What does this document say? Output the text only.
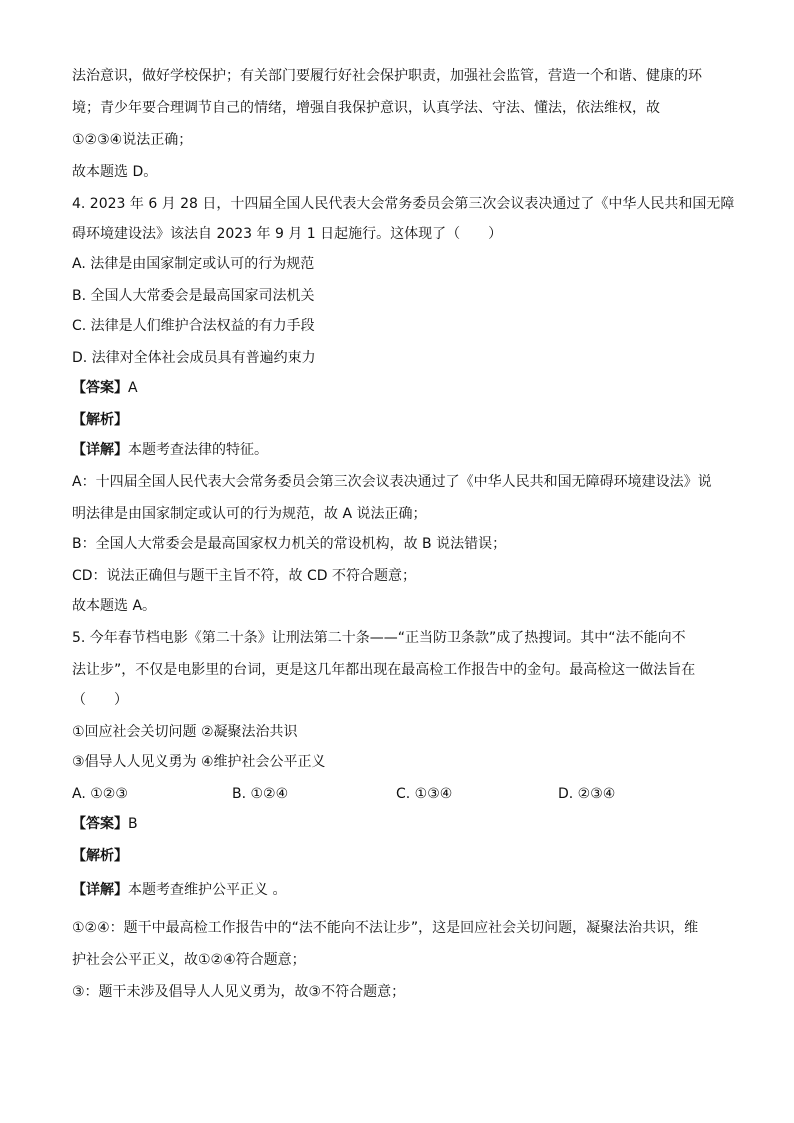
法治意识，做好学校保护；有关部门要履行好社会保护职责，加强社会监管，营造一个和谐、健康的环
境；青少年要合理调节自己的情绪，增强自我保护意识，认真学法、守法、懂法，依法维权，故
①②③④说法正确；
故本题选 D。
4. 2023 年 6 月 28 日，十四届全国人民代表大会常务委员会第三次会议表决通过了《中华人民共和国无障
碍环境建设法》该法自 2023 年 9 月 1 日起施行。这体现了（　　）
A. 法律是由国家制定或认可的行为规范
B. 全国人大常委会是最高国家司法机关
C. 法律是人们维护合法权益的有力手段
D. 法律对全体社会成员具有普遍约束力
【答案】A
【解析】
【详解】本题考查法律的特征。
A：十四届全国人民代表大会常务委员会第三次会议表决通过了《中华人民共和国无障碍环境建设法》说
明法律是由国家制定或认可的行为规范，故 A 说法正确；
B：全国人大常委会是最高国家权力机关的常设机构，故 B 说法错误；
CD：说法正确但与题干主旨不符，故 CD 不符合题意；
故本题选 A。
5. 今年春节档电影《第二十条》让刑法第二十条——“正当防卫条款”成了热搜词。其中“法不能向不
法让步”，不仅是电影里的台词，更是这几年都出现在最高检工作报告中的金句。最高检这一做法旨在
（　　）
①回应社会关切问题 ②凝聚法治共识
③倡导人人见义勇为 ④维护社会公平正义
A. ①②③	B. ①②④	C. ①③④	D. ②③④
【答案】B
【解析】
【详解】本题考查维护公平正义 。
①②④：题干中最高检工作报告中的“法不能向不法让步”，这是回应社会关切问题，凝聚法治共识，维
护社会公平正义，故①②④符合题意；
③：题干未涉及倡导人人见义勇为，故③不符合题意；
